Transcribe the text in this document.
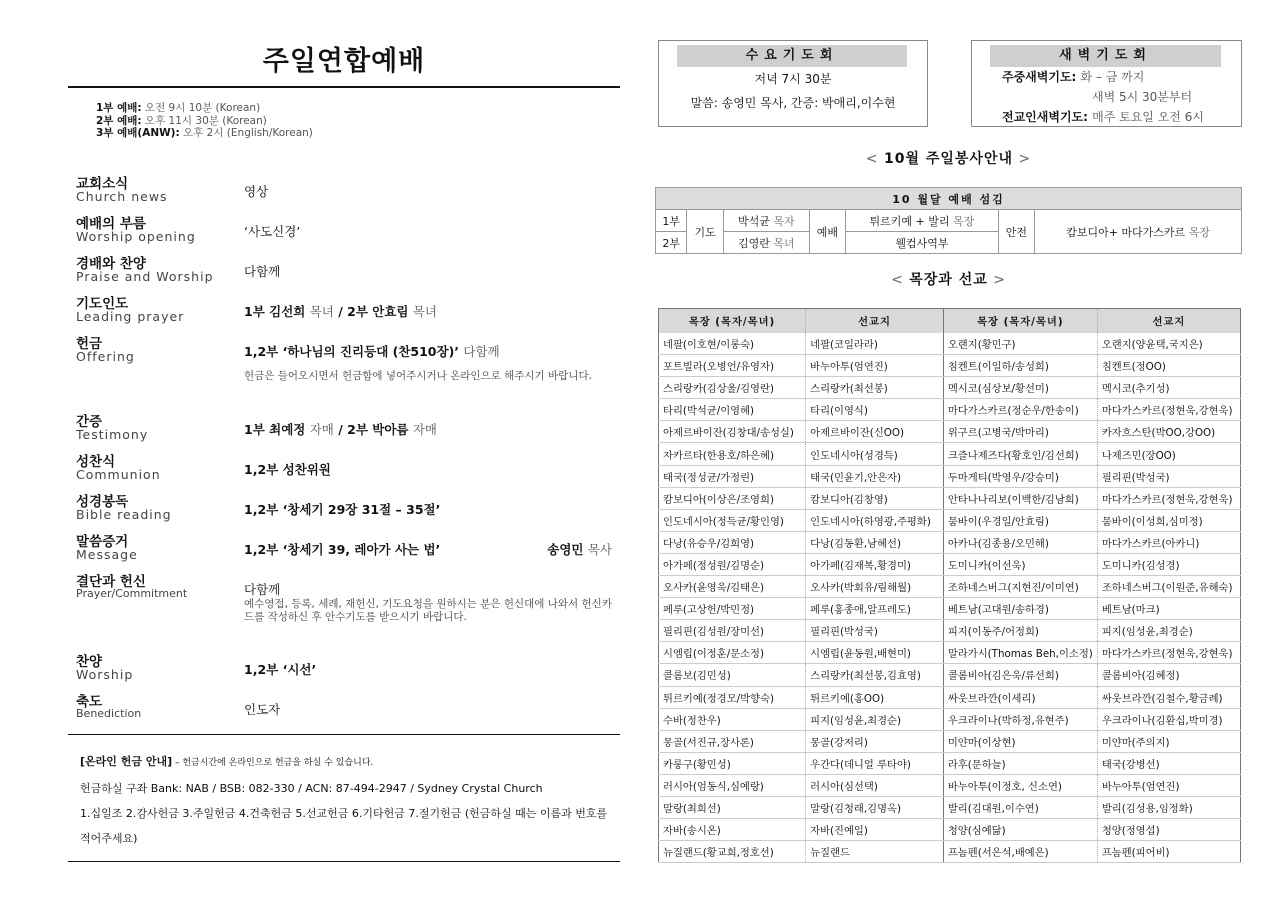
주일연합예배
1부 예배: 오전 9시 10분 (Korean)
2부 예배: 오후 11시 30분 (Korean)
3부 예배(ANW): 오후 2시 (English/Korean)
교회소식
Church news	영상
예배의 부름
Worship opening	‘사도신경’
경배와 찬양
Praise and Worship 다함께
기도인도
Leading prayer	1부 김선희 목녀 / 2부 안효림 목녀
헌금
Offering	1,2부 ‘하나님의 진리등대 (찬510장)’ 다함께
헌금은 들어오시면서 헌금함에 넣어주시거나 온라인으로 해주시기 바랍니다.
간증
Testimony	1부 최예정 자매 / 2부 박아름 자매
성찬식
Communion	1,2부 성찬위원
성경봉독
Bible reading	1,2부 ‘창세기 29장 31절 – 35절’
말씀증거
Message	1,2부 ‘창세기 39, 레아가 사는 법’	송영민 목사
결단과 헌신
Prayer/Commitment	다함께
예수영접, 등록, 세례, 재헌신, 기도요청을 원하시는 분은 헌신대에 나와서 헌신카드를 작성하신 후 안수기도를 받으시기 바랍니다.
찬양
Worship	1,2부 ‘시선’
축도
Benediction	인도자
[온라인 헌금 안내] – 헌금시간에 온라인으로 헌금을 하실 수 있습니다.
헌금하실 구좌 Bank: NAB / BSB: 082-330 / ACN: 87-494-2947 / Sydney Crystal Church
1.십일조 2.감사헌금 3.주일헌금 4.건축헌금 5.선교헌금 6.기타헌금 7.절기헌금 (헌금하실 때는 이름과 번호를
적어주세요)
수요기도회
저녁 7시 30분
말씀: 송영민 목사, 간증: 박애리,이수현
새벽기도회
주중새벽기도: 화 – 금 까지
새벽 5시 30분부터
전교인새벽기도: 매주 토요일 오전 6시
< 10월 주일봉사안내 >
10 월달 예배 섬김						
1부	기도	박석균 목자	예배	튀르키예 + 발리 목장	안전	캄보디아+ 마다가스카르 목장
2부		김영란 목녀		웰컴사역부		
< 목장과 선교 >
목장 (목자/목녀)	선교지	목장 (목자/목녀)	선교지
네팔(이호현/이롱숙)	네팔(코일라라)	오랜지(황민구)	오랜지(양윤택,국지은)
포트빌라(오병언/유영자)	바누아투(엄연진)	침켄트(이일하/송성희)	침켄트(정OO)
스리랑카(김상울/김영란)	스리랑카(최선봉)	멕시코(심상보/황선미)	멕시코(추기성)
타리(박석균/이영혜)	타리(이영식)	마다가스카르(정순우/한송이)	마다가스카르(정현욱,강현욱)
아제르바이잔(김창대/송성실)	아제르바이잔(신OO)	위구르(고병국/박마리)	카자흐스탄(박OO,강OO)
자카르타(한용호/하은혜)	인도네시아(성경득)	크즐나제즈다(황호인/김선희)	나제즈민(장OO)
태국(정성균/가정린)	태국(민윤기,안은자)	두마게티(박영우/강승미)	필리핀(박성국)
캄보디아(이상은/조영희)	캄보디아(김창영)	안타나나리보(이백한/김남희)	마다가스카르(정현욱,강현욱)
인도네시아(정득균/황인영)	인도네시아(하영광,주평화)	뭄바이(우경일/안효림)	뭄바이(이성희,심미정)
다낭(유승우/김희영)	다낭(김동환,남혜선)	아카나(김종용/오민해)	마다가스카르(아카니)
아가페(정성원/김명순)	아가페(김재복,황경미)	도미니카(이선욱)	도미니카(김성경)
오사카(윤영욱/김태은)	오사카(박회유/림해월)	조하네스버그(지현진/이미연)	조하네스버그(이원준,유해숙)
페루(고상헌/박민정)	페루(홍종애,알프레도)	베트남(고대원/송하경)	베트남(마크)
필리핀(김성원/장미선)	필리핀(박성국)	피지(이동주/어정희)	피지(임성윤,최경순)
시엠립(이정훈/문소정)	시엠립(윤동원,배현미)	말라가시(Thomas Beh,이소정)	마다가스카르(정현욱,강현욱)
콜롬보(김민성)	스리랑카(최선봉,김효영)	콜롬비아(김은욱/류선희)	콜롬비아(김혜정)
튀르키예(정경모/박향숙)	튀르키예(홍OO)	싸웃브라깐(이세리)	싸웃브라깐(김철수,황금례)
수바(정찬우)	피지(임성윤,최경순)	우크라이나(박하정,유현주)	우크라이나(김환십,박미경)
몽골(서진규,장사론)	몽골(강저리)	미얀마(이상현)	미얀마(주의지)
카룽구(황민성)	우간다(데니얼 루타야)	라후(문하늘)	태국(강병선)
러시아(엄동식,심예랑)	러시아(심선택)	바누아투(이정호, 신소연)	바누아투(엄연진)
말랑(최희선)	말랑(김청래,김명옥)	발리(김대원,이수연)	발리(김성용,임정화)
자바(송시온)	자바(진예일)	청양(심예닮)	청양(정영섭)
뉴질랜드(황교희,정호선)	뉴질랜드	프놈펜(서은석,배예은)	프놈펜(피어비)
